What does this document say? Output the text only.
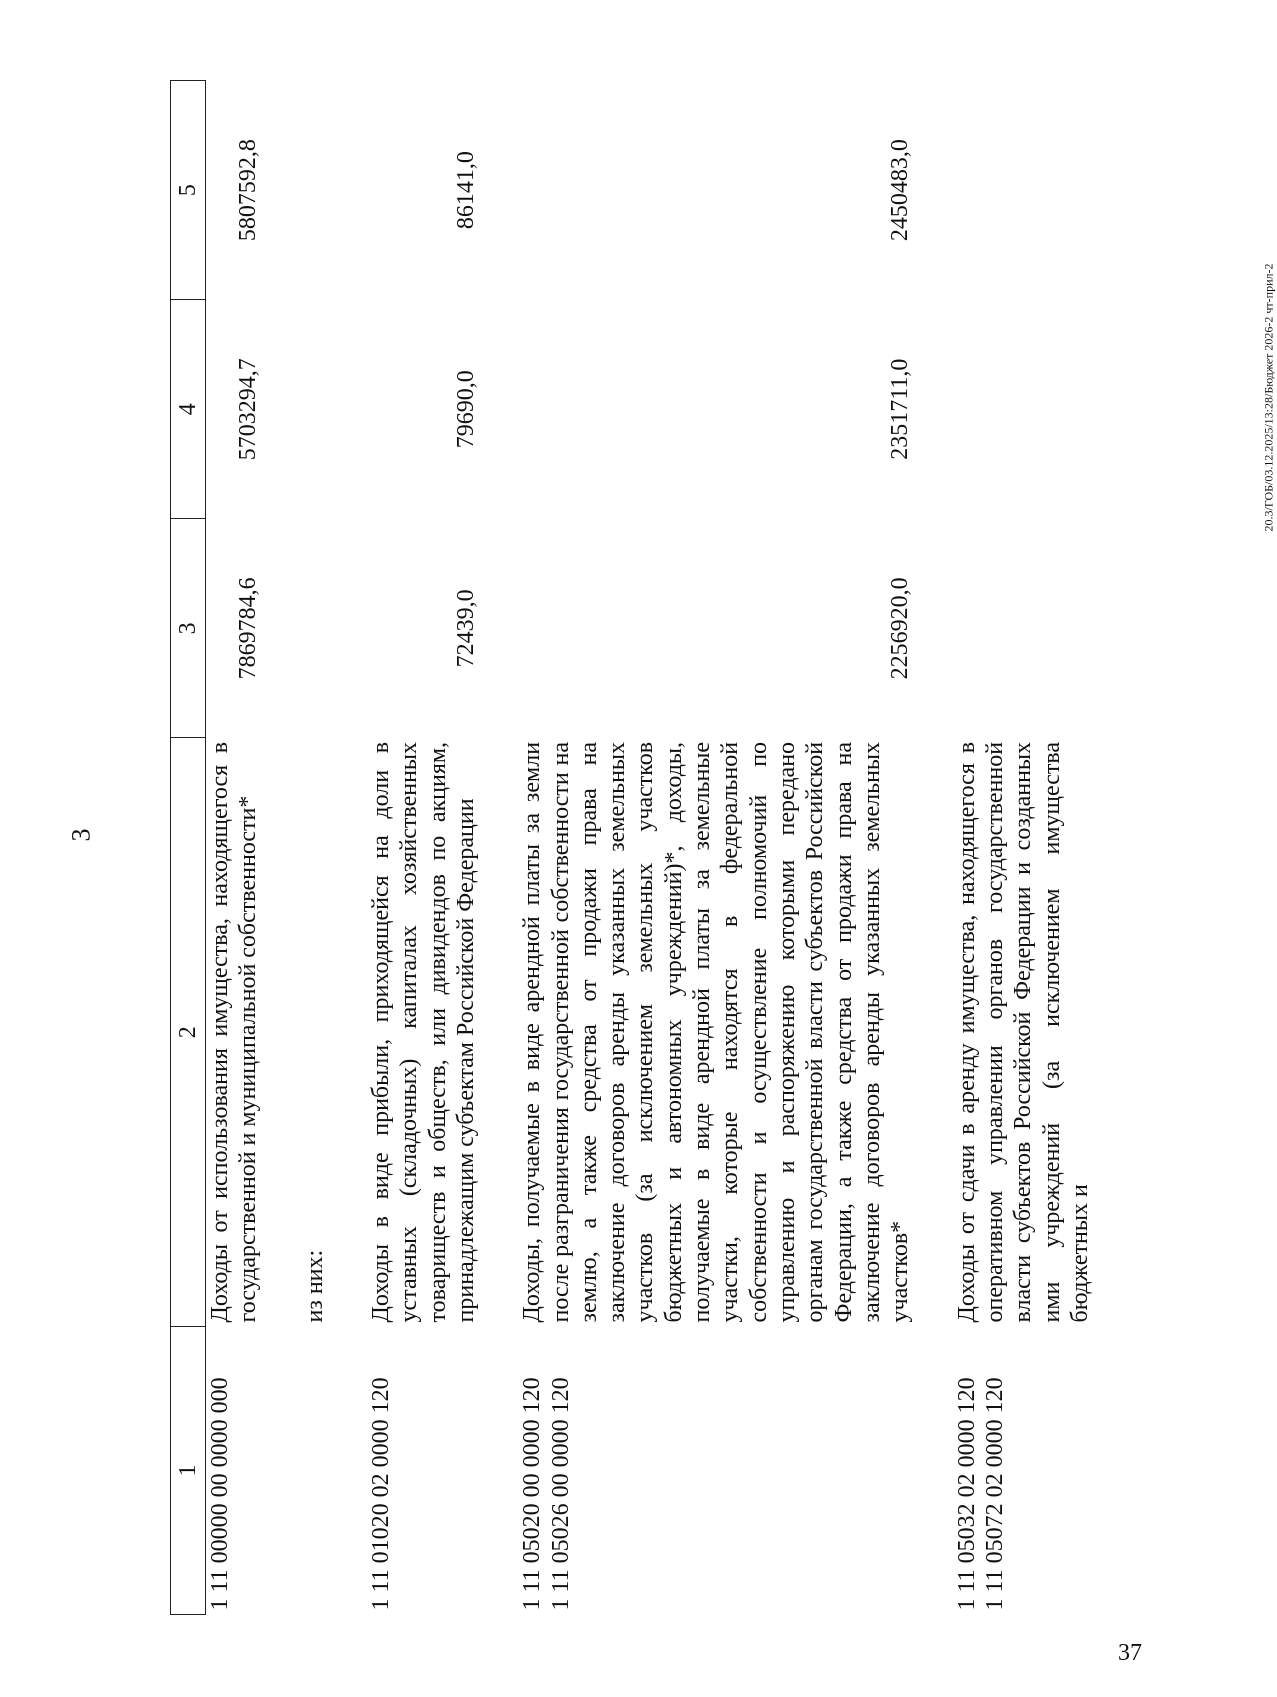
3
1	2	3	4	5

1 11 00000 00 0000 000	Доходы от использования имущества, находящегося в государственной и муниципальной собственности*	7869784,6	5703294,7	5807592,8

	из них:			

1 11 01020 02 0000 120	Доходы в виде прибыли, приходящейся на доли в уставных (складочных) капиталах хозяйственных товариществ и обществ, или дивидендов по акциям, принадлежащим субъектам Российской Федерации	72439,0	79690,0	86141,0

1 11 05020 00 0000 120 1 11 05026 00 0000 120	Доходы, получаемые в виде арендной платы за земли после разграничения государственной собственности на землю, а также средства от продажи права на заключение договоров аренды указанных земельных участков (за исключением земельных участков бюджетных и автономных учреждений)*, доходы, получаемые в виде арендной платы за земельные участки, которые находятся в федеральной собственности и осуществление полномочий по управлению и распоряжению которыми передано органам государственной власти субъектов Российской Федерации, а также средства от продажи права на заключение договоров аренды указанных земельных участков*	2256920,0	2351711,0	2450483,0

1 11 05032 02 0000 120 1 11 05072 02 0000 120	Доходы от сдачи в аренду имущества, находящегося в оперативном управлении органов государственной власти субъектов Российской Федерации и созданных ими учреждений (за исключением имущества бюджетных и			

20.3/ГОБ/03.12.2025/13:28/Бюджет 2026-2 чт-прил-2
37
